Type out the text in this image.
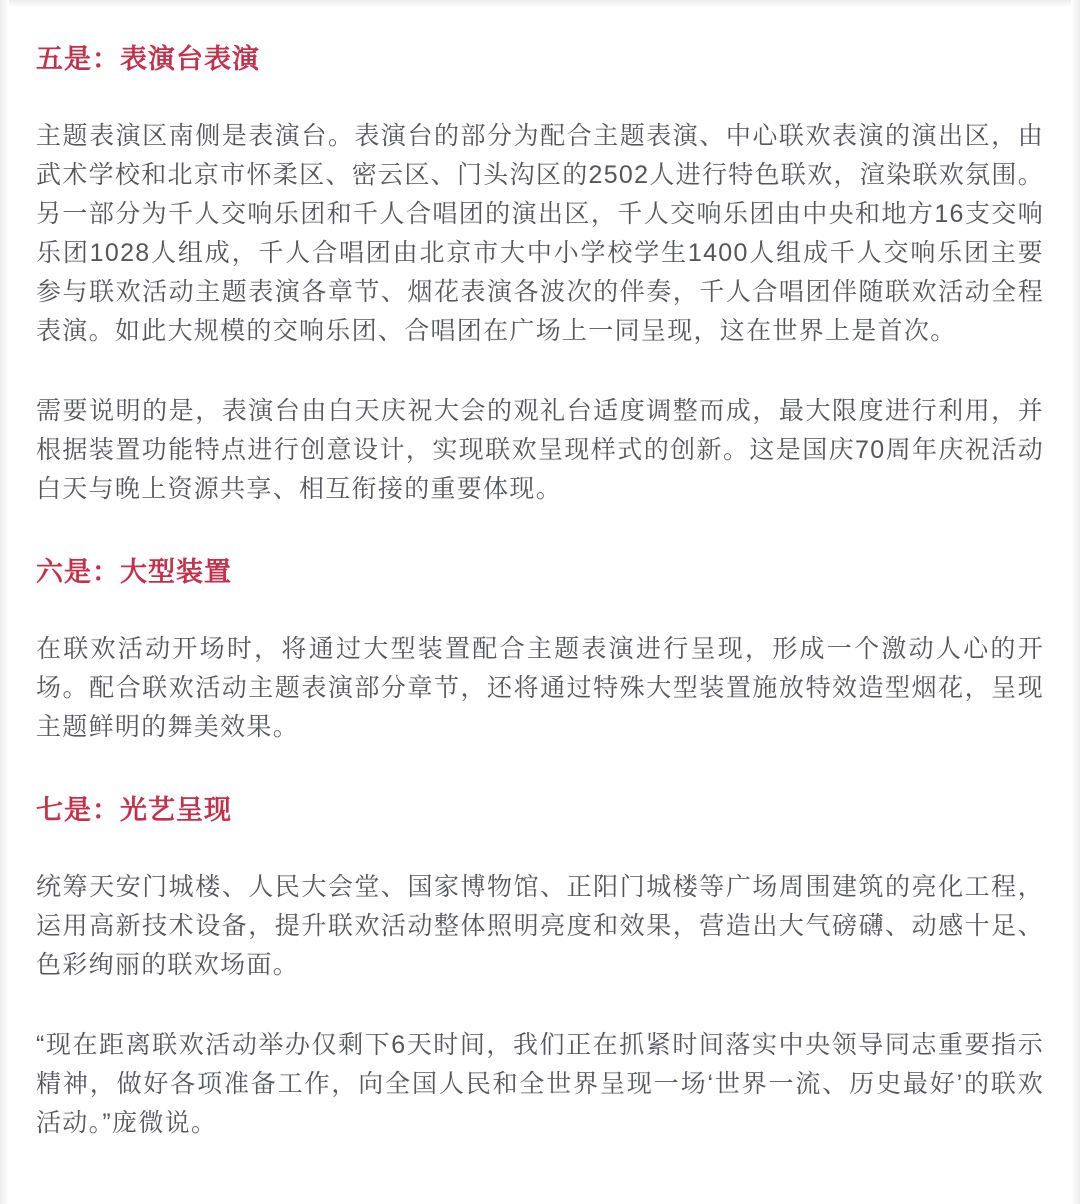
五是：表演台表演

主题表演区南侧是表演台。表演台的部分为配合主题表演、中心联欢表演的演出区，由武术学校和北京市怀柔区、密云区、门头沟区的2502人进行特色联欢，渲染联欢氛围。另一部分为千人交响乐团和千人合唱团的演出区，千人交响乐团由中央和地方16支交响乐团1028人组成，千人合唱团由北京市大中小学校学生1400人组成千人交响乐团主要参与联欢活动主题表演各章节、烟花表演各波次的伴奏，千人合唱团伴随联欢活动全程表演。如此大规模的交响乐团、合唱团在广场上一同呈现，这在世界上是首次。

需要说明的是，表演台由白天庆祝大会的观礼台适度调整而成，最大限度进行利用，并根据装置功能特点进行创意设计，实现联欢呈现样式的创新。这是国庆70周年庆祝活动白天与晚上资源共享、相互衔接的重要体现。

六是：大型装置

在联欢活动开场时，将通过大型装置配合主题表演进行呈现，形成一个激动人心的开场。配合联欢活动主题表演部分章节，还将通过特殊大型装置施放特效造型烟花，呈现主题鲜明的舞美效果。

七是：光艺呈现

统筹天安门城楼、人民大会堂、国家博物馆、正阳门城楼等广场周围建筑的亮化工程，运用高新技术设备，提升联欢活动整体照明亮度和效果，营造出大气磅礴、动感十足、色彩绚丽的联欢场面。

“现在距离联欢活动举办仅剩下6天时间，我们正在抓紧时间落实中央领导同志重要指示精神，做好各项准备工作，向全国人民和全世界呈现一场‘世界一流、历史最好’的联欢活动。”庞微说。
